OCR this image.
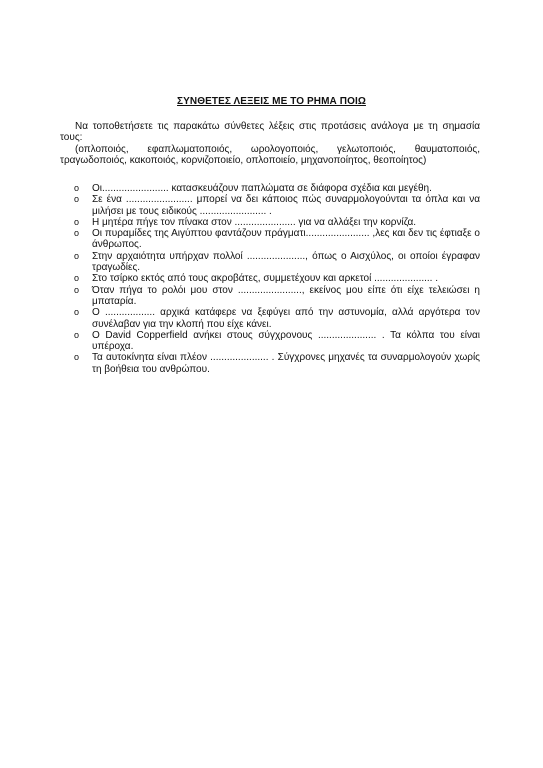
ΣΥΝΘΕΤΕΣ ΛΕΞΕΙΣ ΜΕ ΤΟ ΡΗΜΑ ΠΟΙΩ

Να τοποθετήσετε τις παρακάτω σύνθετες λέξεις στις προτάσεις ανάλογα με τη σημασία τους:

(οπλοποιός, εφαπλωματοποιός, ωρολογοποιός, γελωτοποιός, θαυματοποιός, τραγωδοποιός, κακοποιός, κορνιζοποιείο, οπλοποιείο, μηχανοποίητος, θεοποίητος)

o Οι........................ κατασκευάζουν παπλώματα σε διάφορα σχέδια και μεγέθη.
o Σε ένα ........................ μπορεί να δει κάποιος πώς συναρμολογούνται τα όπλα και να μιλήσει με τους ειδικούς ........................ .
o Η μητέρα πήγε τον πίνακα στον ...................... για να αλλάξει την κορνίζα.
o Οι πυραμίδες της Αιγύπτου φαντάζουν πράγματι....................... ,λες και δεν τις έφτιαξε ο άνθρωπος.
o Στην αρχαιότητα υπήρχαν πολλοί ....................., όπως ο Αισχύλος, οι οποίοι έγραφαν τραγωδίες.
o Στο τσίρκο εκτός από τους ακροβάτες, συμμετέχουν και αρκετοί ..................... .
o Όταν πήγα το ρολόι μου στον ......................., εκείνος μου είπε ότι είχε τελειώσει η μπαταρία.
o Ο .................. αρχικά κατάφερε να ξεφύγει από την αστυνομία, αλλά αργότερα τον συνέλαβαν για την κλοπή που είχε κάνει.
o Ο David Copperfield ανήκει στους σύγχρονους ..................... . Τα κόλπα του είναι υπέροχα.
o Τα αυτοκίνητα είναι πλέον ..................... . Σύγχρονες μηχανές τα συναρμολογούν χωρίς τη βοήθεια του ανθρώπου.
